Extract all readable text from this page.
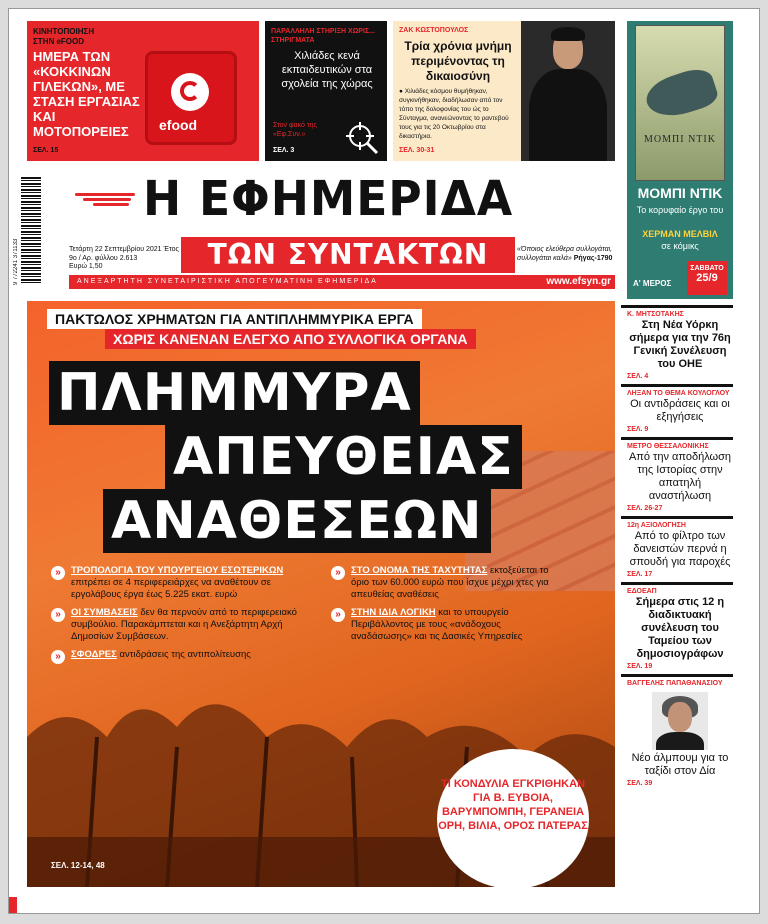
ΚΙΝΗΤΟΠΟΙΗΣΗ
ΣΤΗΝ eFOOD
ΗΜΕΡΑ ΤΩΝ «ΚΟΚΚΙΝΩΝ ΓΙΛΕΚΩΝ», ΜΕ ΣΤΑΣΗ ΕΡΓΑΣΙΑΣ ΚΑΙ ΜΟΤΟΠΟΡΕΙΕΣ	efood
ΣΕΛ. 15
ΠΑΡΑΛΛΗΛΗ ΣΤΗΡΙΞΗ ΧΩΡΙΣ... ΣΤΗΡΙΓΜΑΤΑ
Χιλιάδες κενά εκπαιδευτικών στα σχολεία της χώρας
Στον φακό της «Εφ.Συν.»
ΣΕΛ. 3
ΖΑΚ ΚΩΣΤΟΠΟΥΛΟΣ
Τρία χρόνια μνήμη περιμένοντας τη δικαιοσύνη
● Χιλιάδες κόσμου θυμήθηκαν, συγκινήθηκαν, διαδήλωσαν από τον τόπο της δολοφονίας του ώς το Σύνταγμα, ανανεώνοντας το ραντεβού τους για τις 20 Οκτωβρίου στα δικαστήρια.
ΣΕΛ. 30-31
ΜΟΜΠΙ ΝΤΙΚ
ΜΟΜΠΙ ΝΤΙΚ
Το κορυφαίο έργο του
ΧΕΡΜΑΝ ΜΕΛΒΙΛ
σε κόμικς
Α' ΜΕΡΟΣ
ΣΑΒΒΑΤΟ
25/9
9 772241 371133
Η ΕΦΗΜΕΡΙΔΑ
Τετάρτη 22 Σεπτεμβρίου 2021 Έτος 9ο / Αρ. φύλλου 2.613
Ευρώ 1,50	ΤΩΝ ΣΥΝΤΑΚΤΩΝ	«Όποιος ελεύθερα συλλογάται, συλλογάται καλά» Ρήγας-1790
ΑΝΕΞΑΡΤΗΤΗ ΣΥΝΕΤΑΙΡΙΣΤΙΚΗ ΑΠΟΓΕΥΜΑΤΙΝΗ ΕΦΗΜΕΡΙΔΑ	www.efsyn.gr
ΠΑΚΤΩΛΟΣ ΧΡΗΜΑΤΩΝ ΓΙΑ ΑΝΤΙΠΛΗΜΜΥΡΙΚΑ ΕΡΓΑ
ΧΩΡΙΣ ΚΑΝΕΝΑΝ ΕΛΕΓΧΟ ΑΠΟ ΣΥΛΛΟΓΙΚΑ ΟΡΓΑΝΑ
ΠΛΗΜΜΥΡΑ
ΑΠΕΥΘΕΙΑΣ
ΑΝΑΘΕΣΕΩΝ
»	ΤΡΟΠΟΛΟΓΙΑ ΤΟΥ ΥΠΟΥΡΓΕΙΟΥ ΕΣΩΤΕΡΙΚΩΝ επιτρέπει σε 4 περιφερειάρχες να αναθέτουν σε εργολάβους έργα έως 5.225 εκατ. ευρώ
»	ΟΙ ΣΥΜΒΑΣΕΙΣ δεν θα περνούν από το περιφερειακό συμβούλιο. Παρακάμπτεται και η Ανεξάρτητη Αρχή Δημοσίων Συμβάσεων.
»	ΣΦΟΔΡΕΣ αντιδράσεις της αντιπολίτευσης
»	ΣΤΟ ΟΝΟΜΑ ΤΗΣ ΤΑΧΥΤΗΤΑΣ εκτοξεύεται το όριο των 60.000 ευρώ που ίσχυε μέχρι χτες για απευθείας αναθέσεις
»	ΣΤΗΝ ΙΔΙΑ ΛΟΓΙΚΗ και το υπουργείο Περιβάλλοντος με τους «ανάδοχους αναδάσωσης» και τις Δασικές Υπηρεσίες
ΤΙ ΚΟΝΔΥΛΙΑ ΕΓΚΡΙΘΗΚΑΝ ΓΙΑ Β. ΕΥΒΟΙΑ, ΒΑΡΥΜΠΟΜΠΗ, ΓΕΡΑΝΕΙΑ ΟΡΗ, ΒΙΛΙΑ, ΟΡΟΣ ΠΑΤΕΡΑΣ
ΣΕΛ. 12-14, 48
Κ. ΜΗΤΣΟΤΑΚΗΣ
Στη Νέα Υόρκη σήμερα για την 76η Γενική Συνέλευση του ΟΗΕ
ΣΕΛ. 4
ΛΗΞΑΝ ΤΟ ΘΕΜΑ ΚΟΥΛΟΓΛΟΥ
Οι αντιδράσεις και οι εξηγήσεις
ΣΕΛ. 9
ΜΕΤΡΟ ΘΕΣΣΑΛΟΝΙΚΗΣ
Από την αποδήλωση της Ιστορίας στην απατηλή αναστήλωση
ΣΕΛ. 26-27
12η ΑΞΙΟΛΟΓΗΣΗ
Από το φίλτρο των δανειστών περνά η σπουδή για παροχές
ΣΕΛ. 17
ΕΔΟΕΑΠ
Σήμερα στις 12 η διαδικτυακή συνέλευση του Ταμείου των δημοσιογράφων
ΣΕΛ. 19
ΒΑΓΓΕΛΗΣ ΠΑΠΑΘΑΝΑΣΙΟΥ
Νέο άλμπουμ για το ταξίδι στον Δία
ΣΕΛ. 39
